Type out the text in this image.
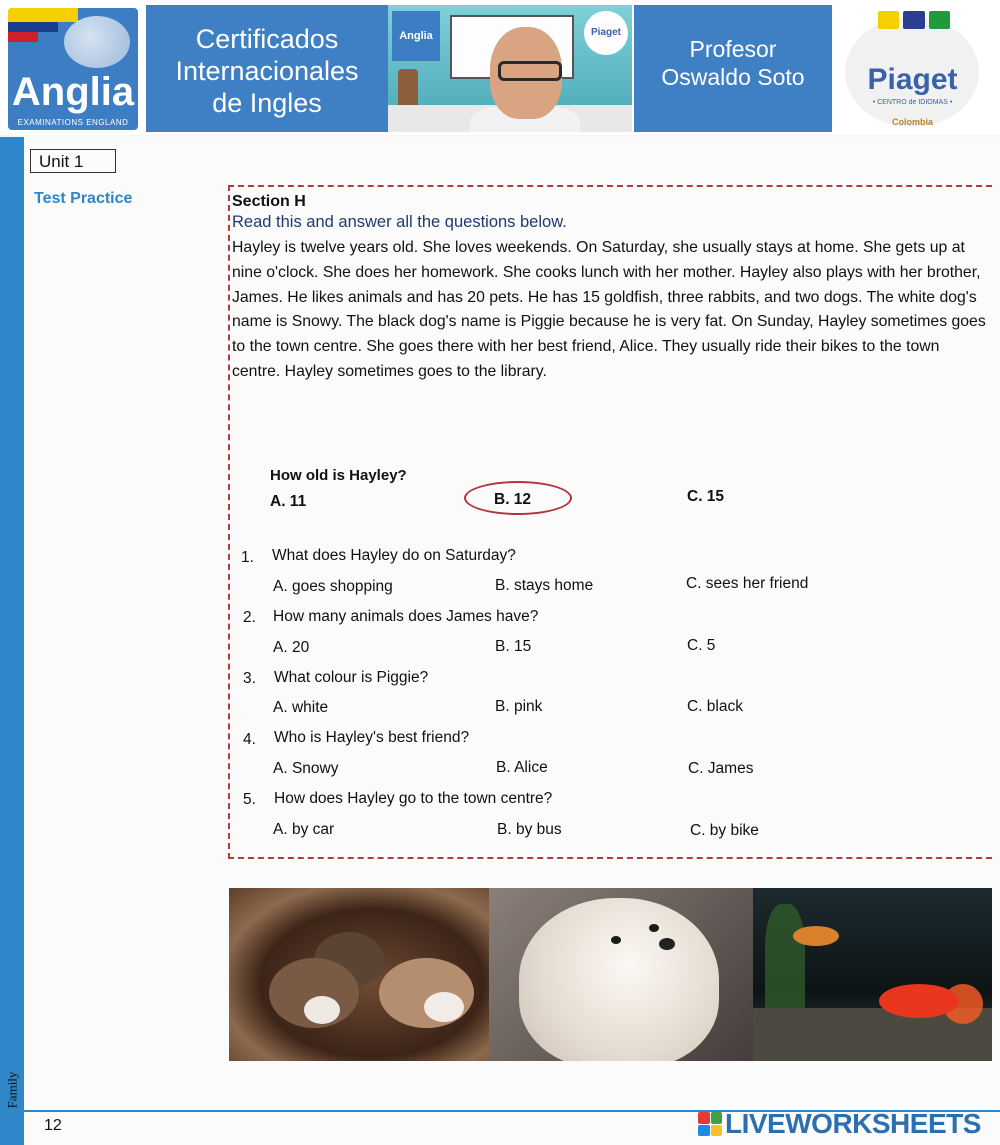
Anglia
EXAMINATIONS ENGLAND
Certificados
Internacionales
de Ingles
Anglia	Piaget
Profesor
Oswaldo Soto	Piaget
• CENTRO de IDIOMAS •
Colombia
Unit 1
Test Practice	Section H
Read this and answer all the questions below.
Hayley is twelve years old. She loves weekends. On Saturday, she usually stays at home. She gets up at nine o'clock. She does her homework. She cooks lunch with her mother. Hayley also plays with her brother, James. He likes animals and has 20 pets. He has 15 goldfish, three rabbits, and two dogs. The white dog's name is Snowy. The black dog's name is Piggie because he is very fat. On Sunday, Hayley sometimes goes to the town centre. She goes there with her best friend, Alice. They usually ride their bikes to the town centre. Hayley sometimes goes to the library.
How old is Hayley?
A. 11	B. 12	C. 15
1. What does Hayley do on Saturday?
A. goes shopping	B. stays home	C. sees her friend
2. How many animals does James have?
A. 20	B. 15	C. 5
3. What colour is Piggie?
A. white	B. pink	C. black
4. Who is Hayley's best friend?
A. Snowy	B. Alice	C. James
5. How does Hayley go to the town centre?
A. by car	B. by bus	C. by bike
12
Family
LIVEWORKSHEETS
